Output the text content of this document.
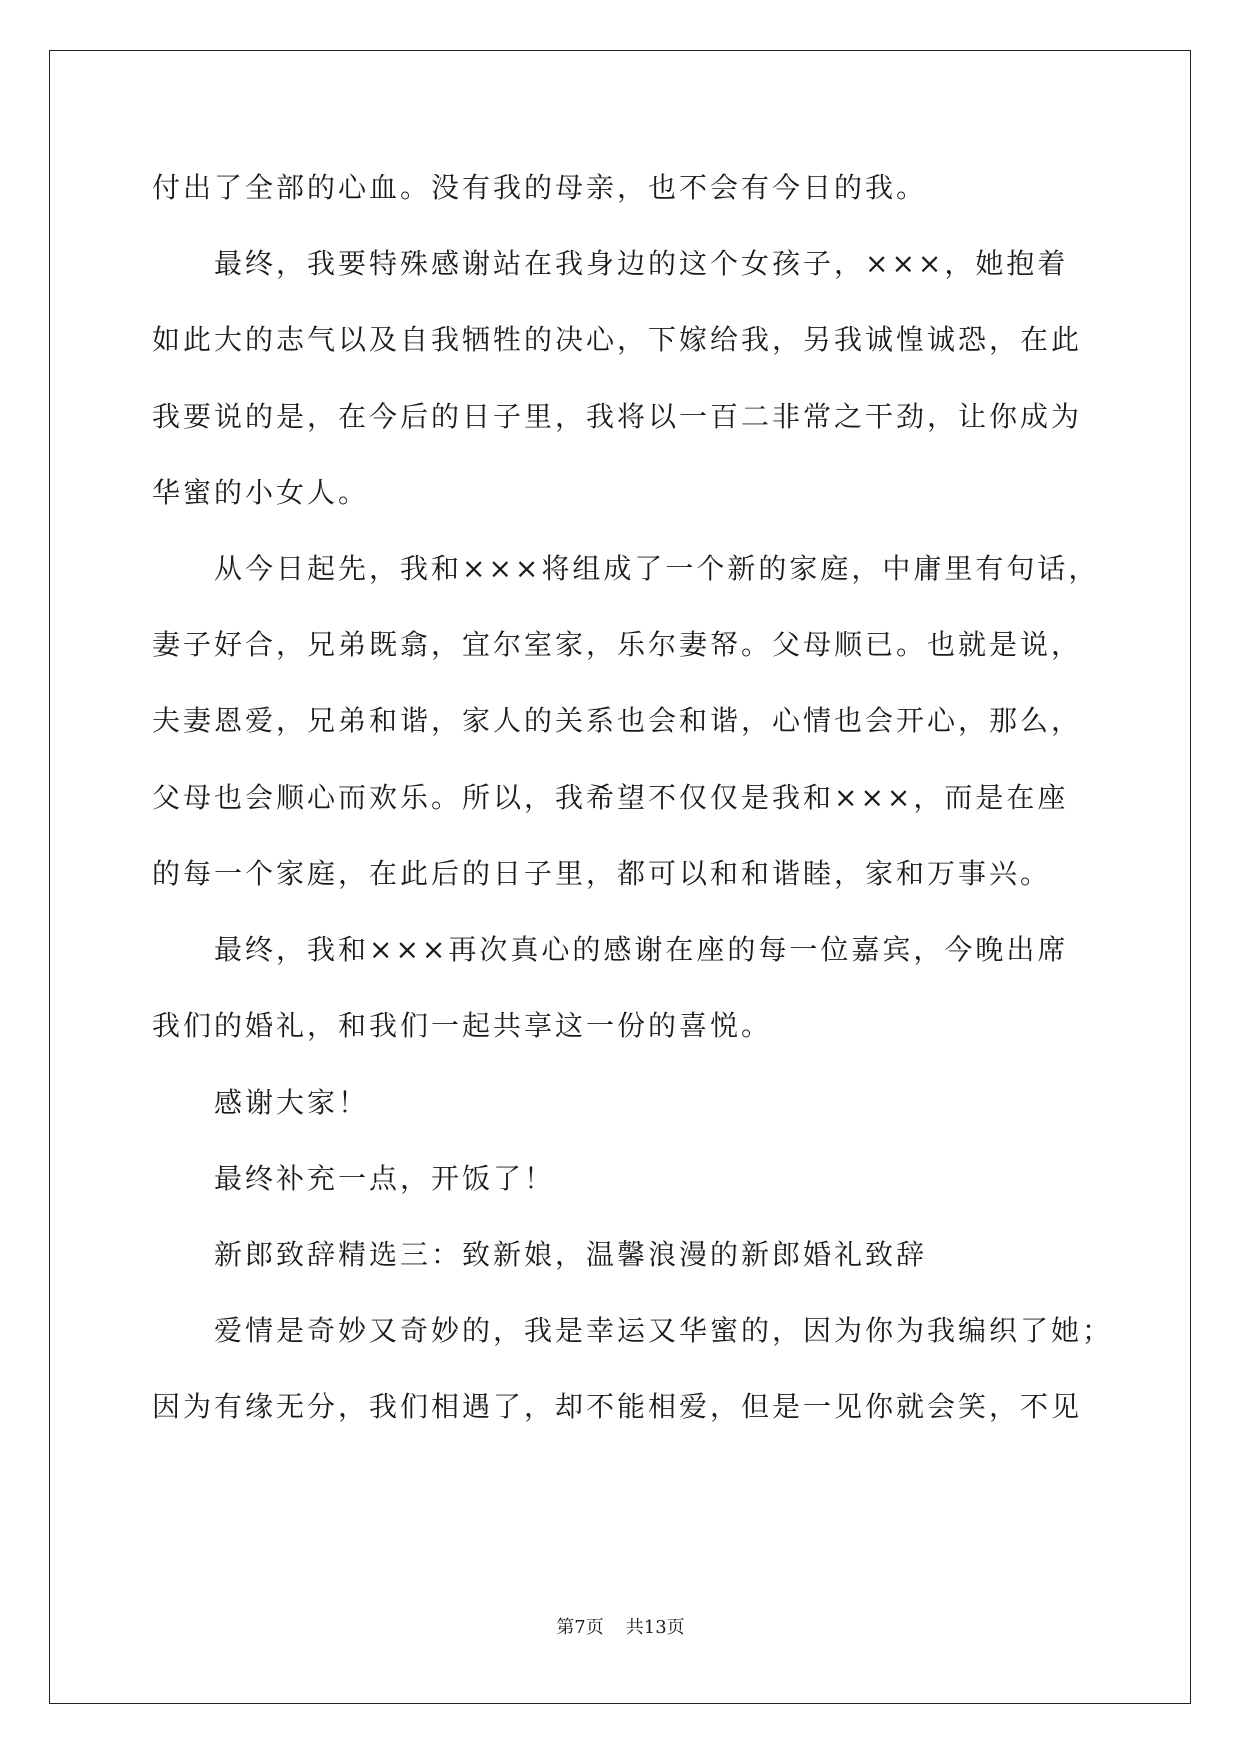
付出了全部的心血。没有我的母亲，也不会有今日的我。
最终，我要特殊感谢站在我身边的这个女孩子，×××，她抱着
如此大的志气以及自我牺牲的决心，下嫁给我，另我诚惶诚恐，在此
我要说的是，在今后的日子里，我将以一百二非常之干劲，让你成为
华蜜的小女人。
从今日起先，我和×××将组成了一个新的家庭，中庸里有句话，
妻子好合，兄弟既翕，宜尔室家，乐尔妻帑。父母顺已。也就是说，
夫妻恩爱，兄弟和谐，家人的关系也会和谐，心情也会开心，那么，
父母也会顺心而欢乐。所以，我希望不仅仅是我和×××，而是在座
的每一个家庭，在此后的日子里，都可以和和谐睦，家和万事兴。
最终，我和×××再次真心的感谢在座的每一位嘉宾，今晚出席
我们的婚礼，和我们一起共享这一份的喜悦。
感谢大家！
最终补充一点，开饭了！
新郎致辞精选三：致新娘，温馨浪漫的新郎婚礼致辞
爱情是奇妙又奇妙的，我是幸运又华蜜的，因为你为我编织了她；
因为有缘无分，我们相遇了，却不能相爱，但是一见你就会笑，不见
第7页 共13页
